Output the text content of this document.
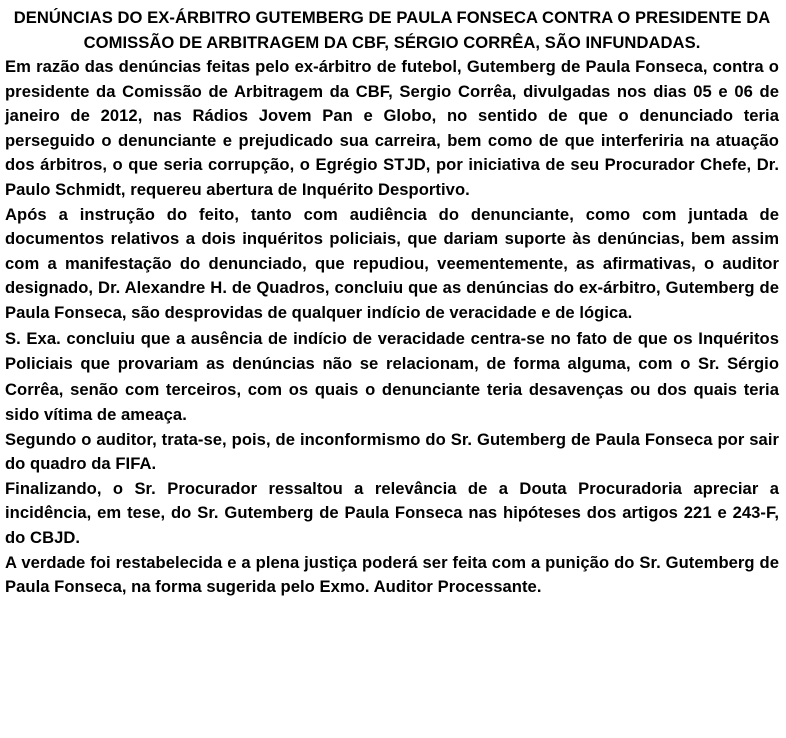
DENÚNCIAS DO EX-ÁRBITRO GUTEMBERG DE PAULA FONSECA CONTRA O PRESIDENTE DA COMISSÃO DE ARBITRAGEM DA CBF, SÉRGIO CORRÊA, SÃO INFUNDADAS.

Em razão das denúncias feitas pelo ex-árbitro de futebol, Gutemberg de Paula Fonseca, contra o presidente da Comissão de Arbitragem da CBF, Sergio Corrêa, divulgadas nos dias 05 e 06 de janeiro de 2012, nas Rádios Jovem Pan e Globo, no sentido de que o denunciado teria perseguido o denunciante e prejudicado sua carreira, bem como de que interferiria na atuação dos árbitros, o que seria corrupção, o Egrégio STJD, por iniciativa de seu Procurador Chefe, Dr. Paulo Schmidt, requereu abertura de Inquérito Desportivo.

Após a instrução do feito, tanto com audiência do denunciante, como com juntada de documentos relativos a dois inquéritos policiais, que dariam suporte às denúncias, bem assim com a manifestação do denunciado, que repudiou, veementemente, as afirmativas, o auditor designado, Dr. Alexandre H. de Quadros, concluiu que as denúncias do ex-árbitro, Gutemberg de Paula Fonseca, são desprovidas de qualquer indício de veracidade e de lógica.

S. Exa. concluiu que a ausência de indício de veracidade centra-se no fato de que os Inquéritos Policiais que provariam as denúncias não se relacionam, de forma alguma, com o Sr. Sérgio Corrêa, senão com terceiros, com os quais o denunciante teria desavenças ou dos quais teria sido vítima de ameaça.

Segundo o auditor, trata-se, pois, de inconformismo do Sr. Gutemberg de Paula Fonseca por sair do quadro da FIFA.

Finalizando, o Sr. Procurador ressaltou a relevância de a Douta Procuradoria apreciar a incidência, em tese, do Sr. Gutemberg de Paula Fonseca nas hipóteses dos artigos 221 e 243-F, do CBJD.

A verdade foi restabelecida e a plena justiça poderá ser feita com a punição do Sr. Gutemberg de Paula Fonseca, na forma sugerida pelo Exmo. Auditor Processante.
